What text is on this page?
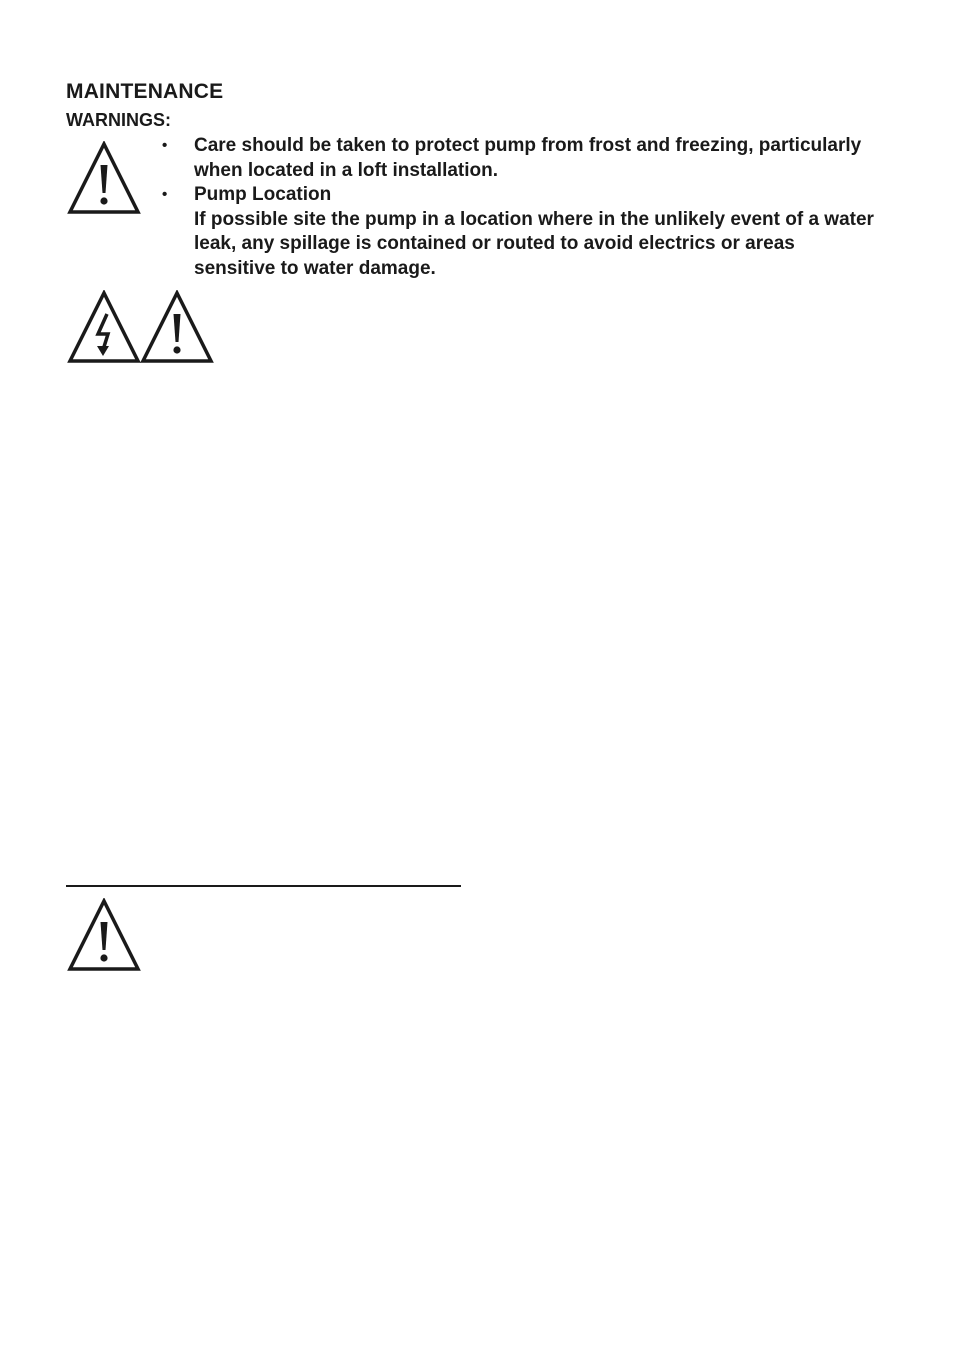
MAINTENANCE
WARNINGS:
• Care should be taken to protect pump from frost and freezing, particularly when located in a loft installation.
• Pump Location
If possible site the pump in a location where in the unlikely event of a water leak, any spillage is contained or routed to avoid electrics or areas sensitive to water damage.
